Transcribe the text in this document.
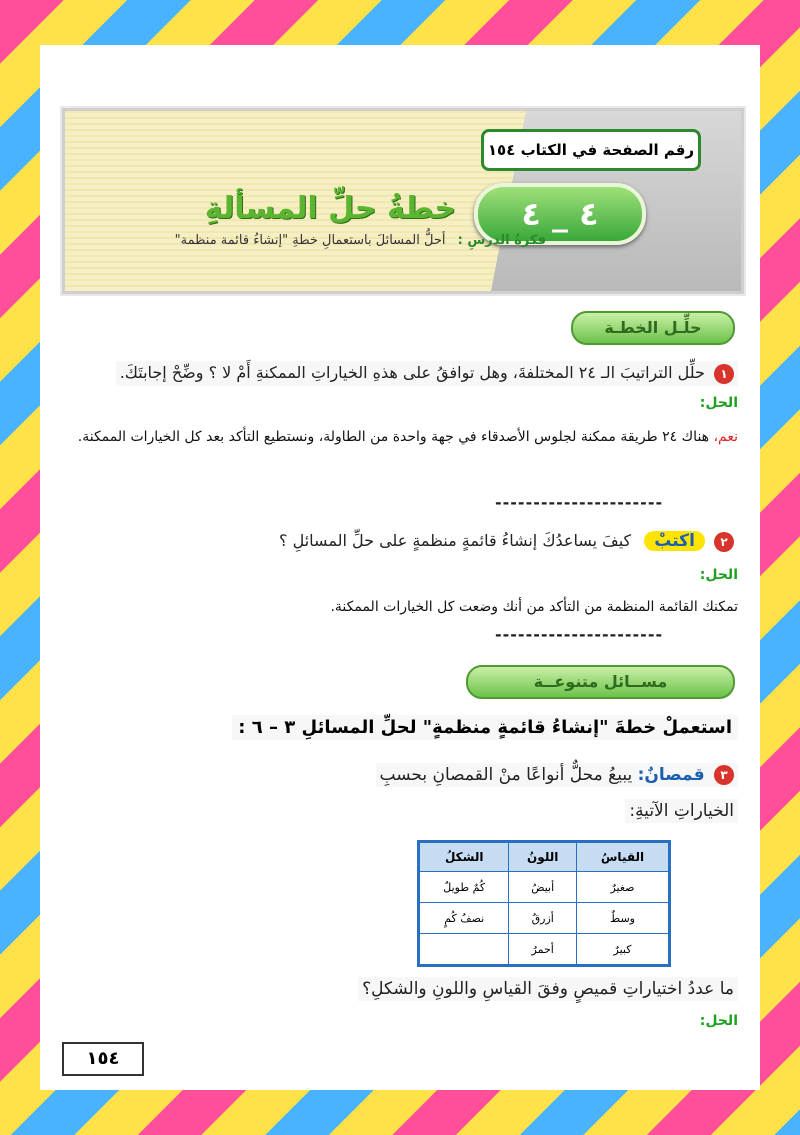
رقم الصفحة في الكتاب ١٥٤
٤ _ ٤
خطةُ حلِّ المسألةِ
فكرةُ الدرسِ : أحلُّ المسائلَ باستعمالِ خطةِ "إنشاءُ قائمة منظمة"
حلِّـل الخطـة
١ حلِّل التراتيبَ الـ ٢٤ المختلفةَ، وهل توافقُ على هذهِ الخياراتِ الممكنةِ أَمْ لا ؟ وضِّحْ إجابتَكَ.
الحل:
نعم، هناك ٢٤ طريقة ممكنة لجلوس الأصدقاء في جهة واحدة من الطاولة، ونستطيع التأكد بعد كل الخيارات الممكنة.
----------------------
٢ اكتبْ كيفَ يساعدُكَ إنشاءُ قائمةٍ منظمةٍ على حلِّ المسائلِ ؟
الحل:
تمكنك القائمة المنظمة من التأكد من أنك وضعت كل الخيارات الممكنة.
----------------------
مســائل متنوعــة
استعملْ خطةَ "إنشاءُ قائمةٍ منظمةٍ" لحلِّ المسائلِ ٣ – ٦ :
٣ قمصانٌ: يبيعُ محلٌّ أنواعًا منْ القمصانِ بحسبِ
الخياراتِ الآتيةِ:
القياسُ	اللونُ	الشكلُ
صغيرٌ	أبيضُ	كُمٌ طويلٌ
وسطٌ	أزرقُ	نصفُ كُمٍ
كبيرٌ	أحمرُ	
ما عددُ اختياراتِ قميصٍ وفقَ القياسِ واللونِ والشكلِ؟
الحل:
١٥٤
